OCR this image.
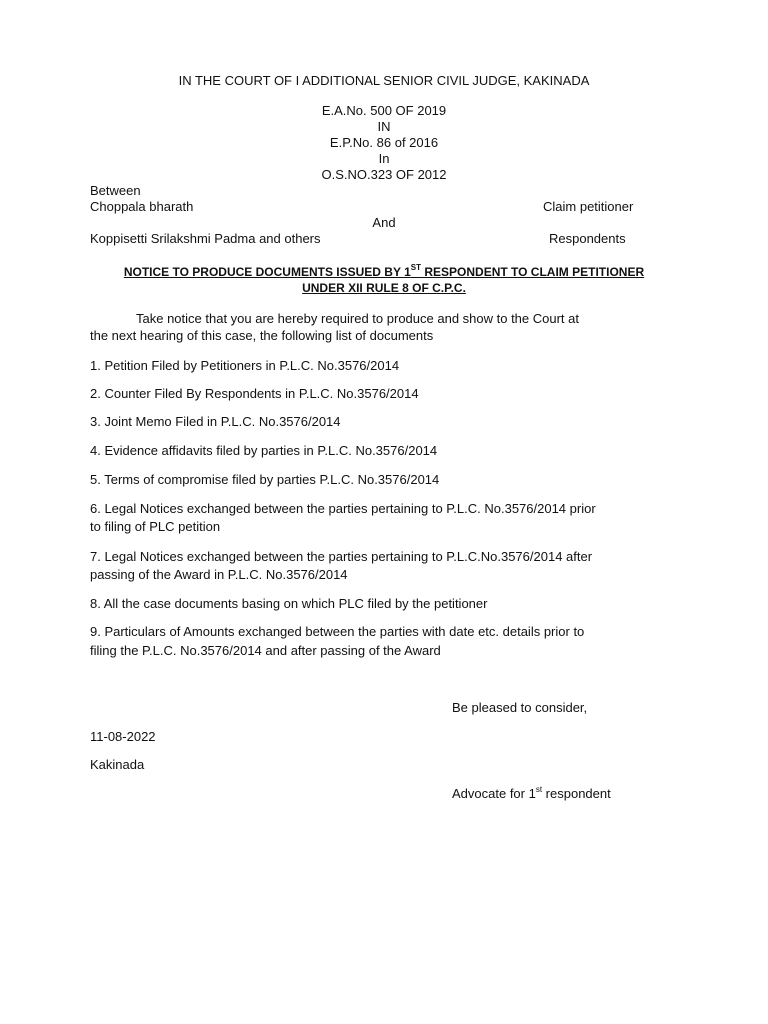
IN THE COURT OF I ADDITIONAL SENIOR CIVIL JUDGE, KAKINADA
E.A.No. 500 OF 2019
IN
E.P.No. 86 of 2016
In
O.S.NO.323 OF 2012
Between
Choppala bharath	Claim petitioner
And
Koppisetti Srilakshmi Padma and others	Respondents
NOTICE TO PRODUCE DOCUMENTS ISSUED BY 1ST RESPONDENT TO CLAIM PETITIONER
UNDER XII RULE 8 OF C.P.C.
Take notice that you are hereby required to produce and show to the Court at
the next hearing of this case, the following list of documents
1. Petition Filed by Petitioners in P.L.C. No.3576/2014
2. Counter Filed By Respondents in P.L.C. No.3576/2014
3. Joint Memo Filed in P.L.C. No.3576/2014
4. Evidence affidavits filed by parties in P.L.C. No.3576/2014
5. Terms of compromise filed by parties P.L.C. No.3576/2014
6. Legal Notices exchanged between the parties pertaining to P.L.C. No.3576/2014 prior
to filing of PLC petition
7. Legal Notices exchanged between the parties pertaining to P.L.C.No.3576/2014 after
passing of the Award in P.L.C. No.3576/2014
8. All the case documents basing on which PLC filed by the petitioner
9. Particulars of Amounts exchanged between the parties with date etc. details prior to
filing the P.L.C. No.3576/2014 and after passing of the Award
Be pleased to consider,
11-08-2022
Kakinada
Advocate for 1st respondent
